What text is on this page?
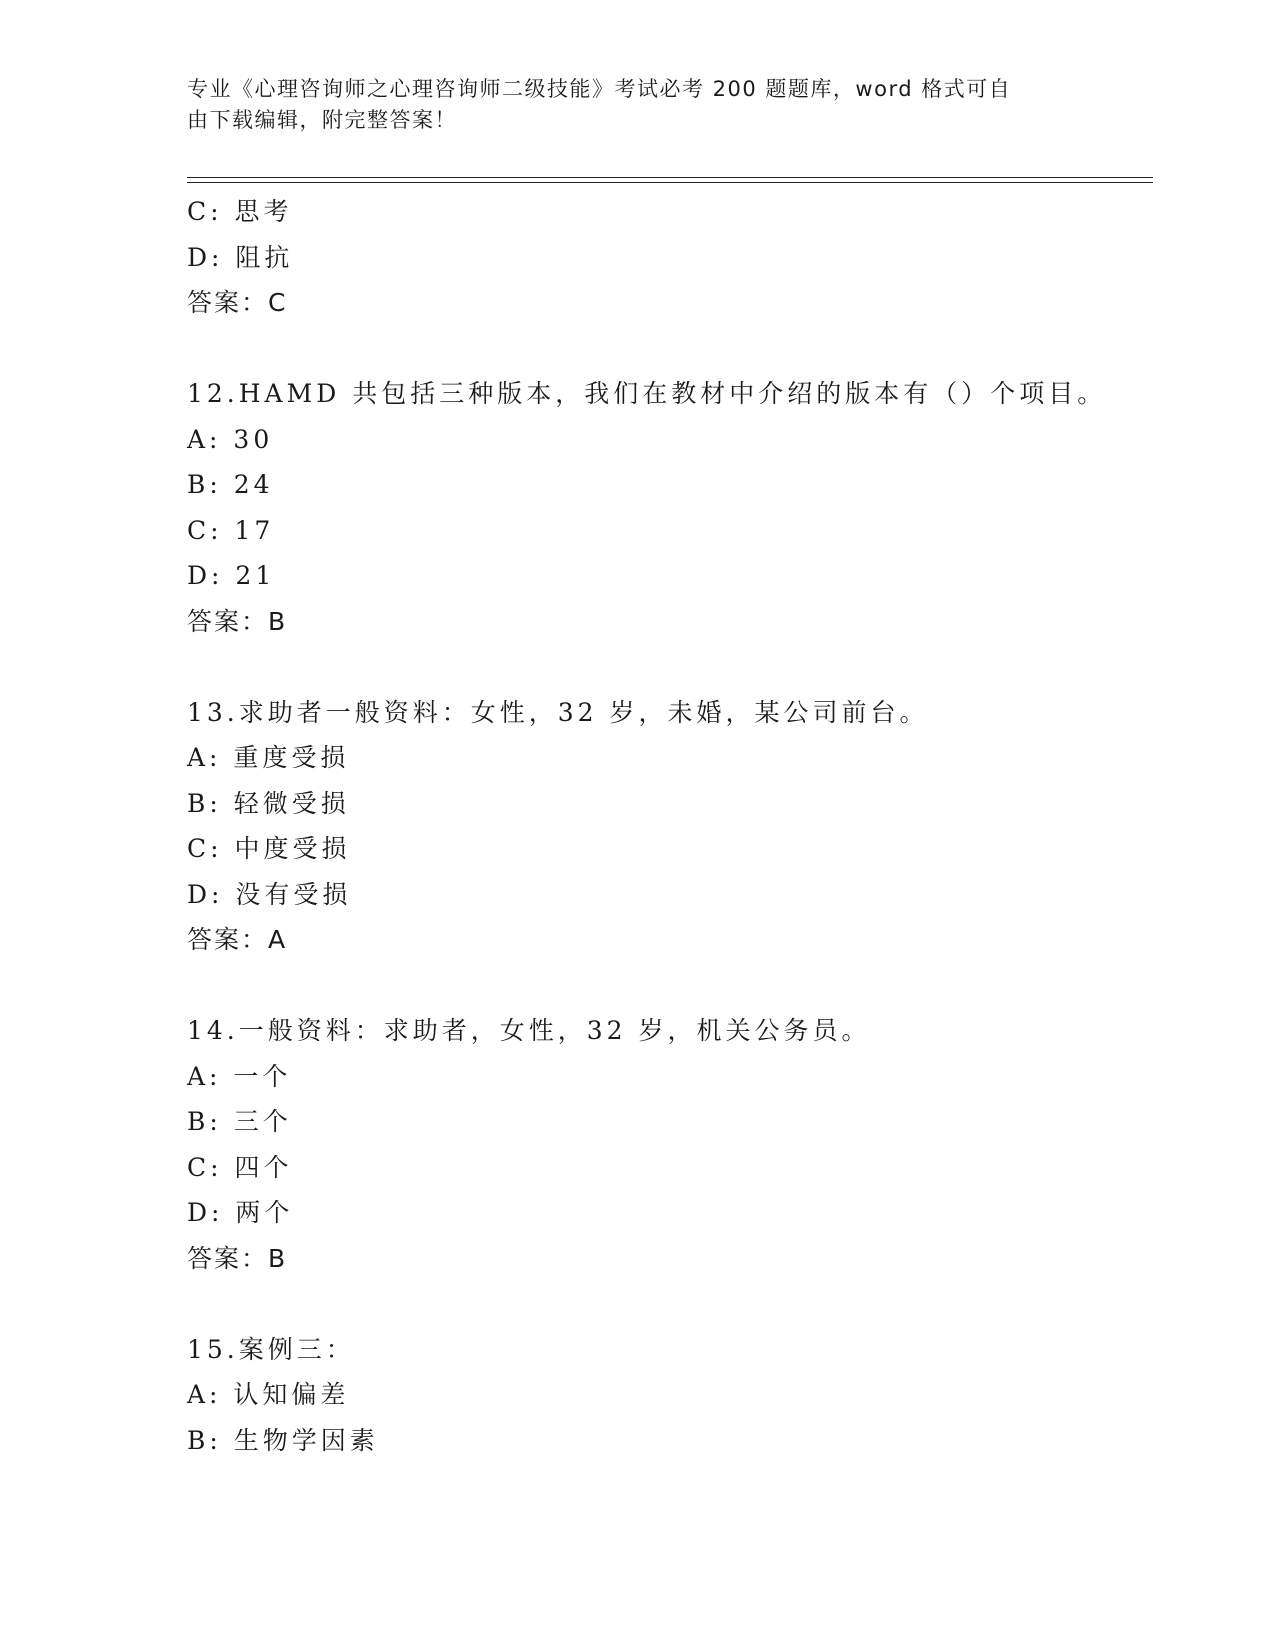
专业《心理咨询师之心理咨询师二级技能》考试必考 200 题题库，word 格式可自
由下载编辑，附完整答案！
C: 思考
D: 阻抗
答案：C
12.HAMD 共包括三种版本，我们在教材中介绍的版本有（）个项目。
A: 30
B: 24
C: 17
D: 21
答案：B
13.求助者一般资料：女性，32 岁，未婚，某公司前台。
A: 重度受损
B: 轻微受损
C: 中度受损
D: 没有受损
答案：A
14.一般资料：求助者，女性，32 岁，机关公务员。
A: 一个
B: 三个
C: 四个
D: 两个
答案：B
15.案例三：
A: 认知偏差
B: 生物学因素
